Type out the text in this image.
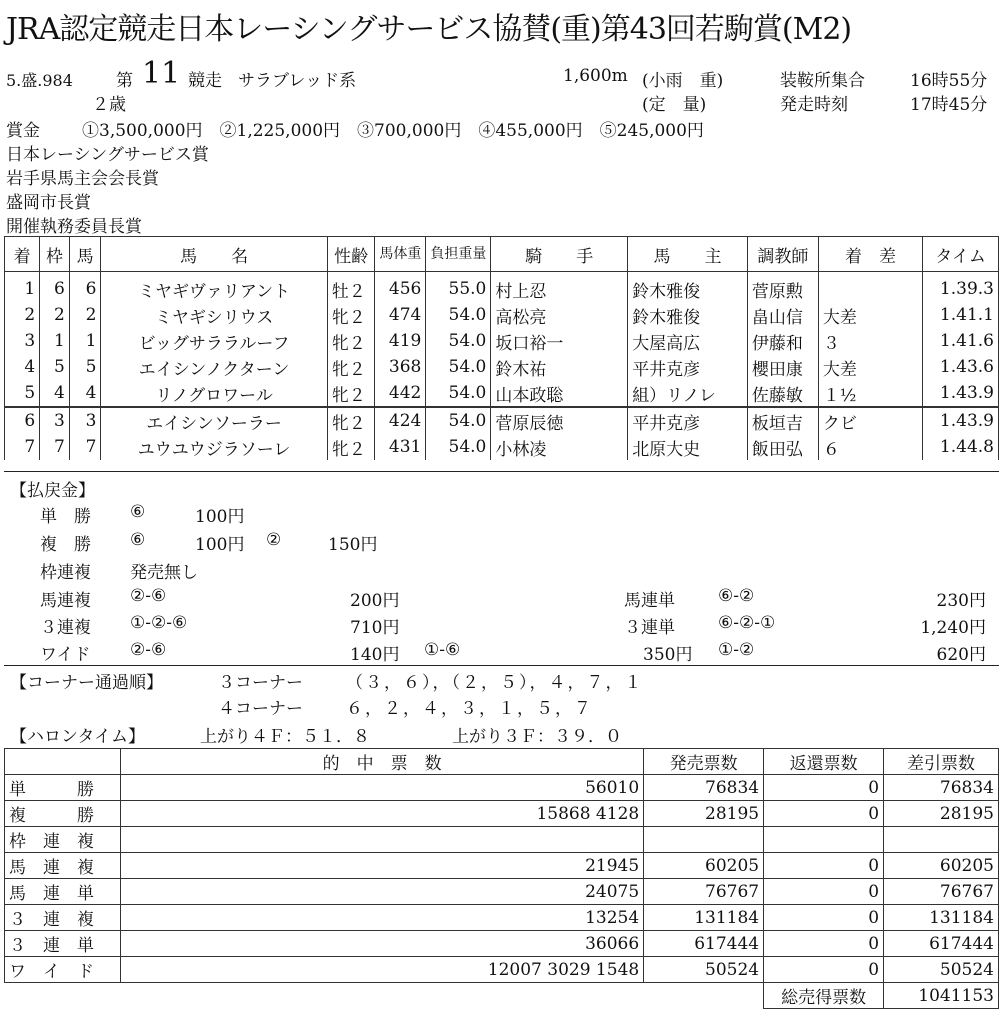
JRA認定競走日本レーシングサービス協賛(重)第43回若駒賞(M2)
5.盛.984	第 11 競走 サラブレッド系
２歳
1,600m (小雨　重)
(定　量)
装鞍所集合	16時55分
発走時刻	17時45分
賞金 ①3,500,000円　②1,225,000円　③700,000円　④455,000円　⑤245,000円
日本レーシングサービス賞
岩手県馬主会会長賞
盛岡市長賞
開催執務委員長賞
着	枠	馬	馬　　名	性齢	馬体重	負担重量	騎　　手	馬　　主	調教師	着　差	タイム
1	6	6	ミヤギヴァリアント	牡２	456	55.0	村上忍	鈴木雅俊	菅原勲		1.39.3
2	2	2	ミヤギシリウス	牝２	474	54.0	高松亮	鈴木雅俊	畠山信	大差	1.41.1
3	1	1	ビッグサララルーフ	牝２	419	54.0	坂口裕一	大屋高広	伊藤和	３	1.41.6
4	5	5	エイシンノクターン	牝２	368	54.0	鈴木祐	平井克彦	櫻田康	大差	1.43.6
5	4	4	リノグロワール	牝２	442	54.0	山本政聡	組）リノレ	佐藤敏	１½	1.43.9
6	3	3	エイシンソーラー	牝２	424	54.0	菅原辰徳	平井克彦	板垣吉	クビ	1.43.9
7	7	7	ユウユウジラソーレ	牝２	431	54.0	小林凌	北原大史	飯田弘	６	1.44.8
【払戻金】
単　勝 ⑥	100円
複　勝 ⑥	100円 ②	150円
枠連複 発売無し
馬連複 ②-⑥	200円	馬連単	⑥-②	230円
３連複 ①-②-⑥	710円	３連単	⑥-②-①	1,240円
ワイド ②-⑥	140円 ①-⑥	350円 ①-②	620円
【コーナー通過順】	３コーナー	（３，６），（２，５），４，７，１
４コーナー	６，２，４，３，１，５，７
【ハロンタイム】	上がり４Ｆ：５１．８	上がり３Ｆ：３９．０
	的　中　票　数	発売票数	返還票数	差引票数
単　　　勝	56010	76834	0	76834
複　　　勝	15868 4128	28195	0	28195
枠　連　複				
馬　連　複	21945	60205	0	60205
馬　連　単	24075	76767	0	76767
３　連　複	13254	131184	0	131184
３　連　単	36066	617444	0	617444
ワ　イ　ド	12007 3029 1548	50524	0	50524
			総売得票数	1041153
